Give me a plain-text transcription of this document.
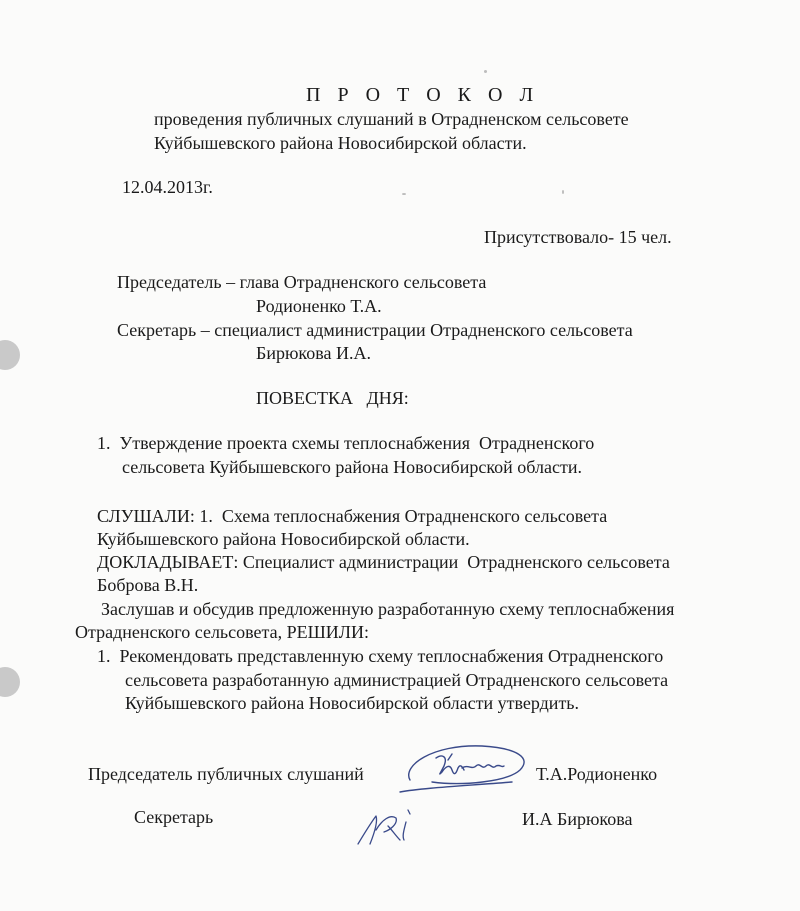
П Р О Т О К О Л
проведения публичных слушаний в Отрадненском сельсовете
Куйбышевского района Новосибирской области.
12.04.2013г.
Присутствовало- 15 чел.
Председатель – глава Отрадненского сельсовета
Родионенко Т.А.
Секретарь – специалист администрации Отрадненского сельсовета
Бирюкова И.А.
ПОВЕСТКА   ДНЯ:
1.  Утверждение проекта схемы теплоснабжения  Отрадненского
сельсовета Куйбышевского района Новосибирской области.
СЛУШАЛИ: 1.  Схема теплоснабжения Отрадненского сельсовета
Куйбышевского района Новосибирской области.
ДОКЛАДЫВАЕТ: Специалист администрации  Отрадненского сельсовета
Боброва В.Н.
Заслушав и обсудив предложенную разработанную схему теплоснабжения
Отрадненского сельсовета, РЕШИЛИ:
1.  Рекомендовать представленную схему теплоснабжения Отрадненского
сельсовета разработанную администрацией Отрадненского сельсовета
Куйбышевского района Новосибирской области утвердить.
Председатель публичных слушаний	Т.А.Родионенко
Секретарь	И.А Бирюкова
